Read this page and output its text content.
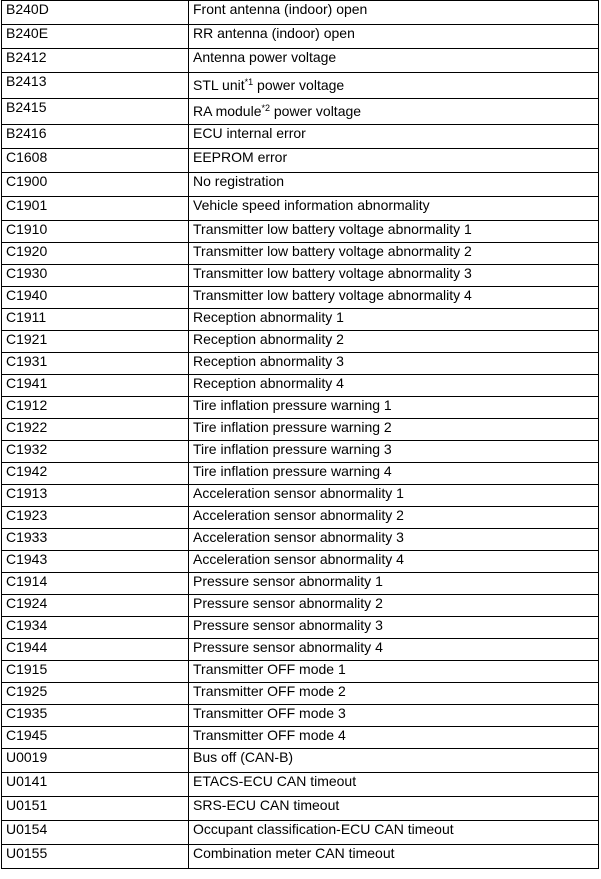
B240D	Front antenna (indoor) open
B240E	RR antenna (indoor) open
B2412	Antenna power voltage
B2413	STL unit$^{*1}$ power voltage
B2415	RA module$^{*2}$ power voltage
B2416	ECU internal error
C1608	EEPROM error
C1900	No registration
C1901	Vehicle speed information abnormality
C1910	Transmitter low battery voltage abnormality 1
C1920	Transmitter low battery voltage abnormality 2
C1930	Transmitter low battery voltage abnormality 3
C1940	Transmitter low battery voltage abnormality 4
C1911	Reception abnormality 1
C1921	Reception abnormality 2
C1931	Reception abnormality 3
C1941	Reception abnormality 4
C1912	Tire inflation pressure warning 1
C1922	Tire inflation pressure warning 2
C1932	Tire inflation pressure warning 3
C1942	Tire inflation pressure warning 4
C1913	Acceleration sensor abnormality 1
C1923	Acceleration sensor abnormality 2
C1933	Acceleration sensor abnormality 3
C1943	Acceleration sensor abnormality 4
C1914	Pressure sensor abnormality 1
C1924	Pressure sensor abnormality 2
C1934	Pressure sensor abnormality 3
C1944	Pressure sensor abnormality 4
C1915	Transmitter OFF mode 1
C1925	Transmitter OFF mode 2
C1935	Transmitter OFF mode 3
C1945	Transmitter OFF mode 4
U0019	Bus off (CAN-B)
U0141	ETACS-ECU CAN timeout
U0151	SRS-ECU CAN timeout
U0154	Occupant classification-ECU CAN timeout
U0155	Combination meter CAN timeout
